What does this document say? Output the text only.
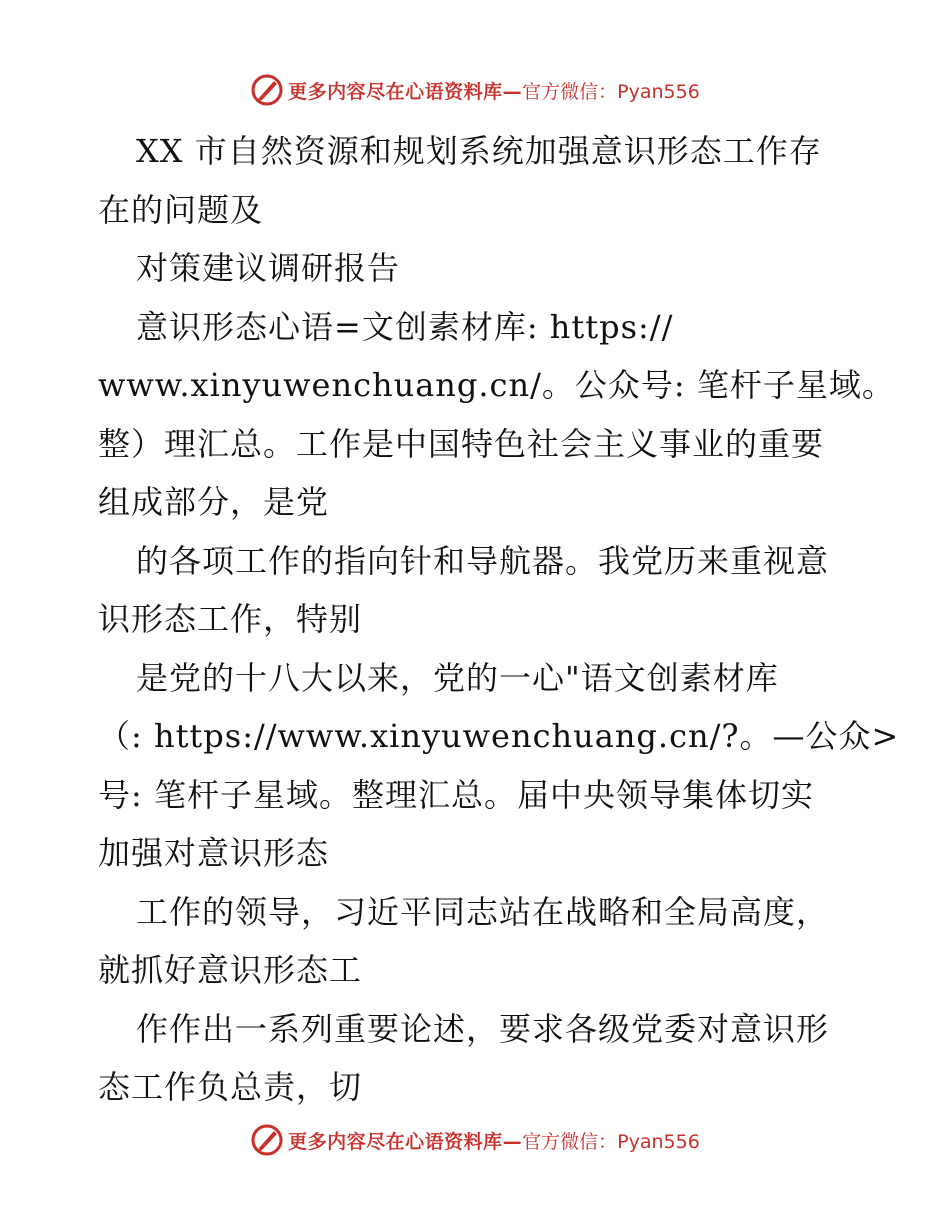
更多内容尽在心语资料库— 官方微信：Pyan556
XX 市自然资源和规划系统加强意识形态工作存
在的问题及
对策建议调研报告
意识形态心语=文创素材库: https://
www.xinyuwenchuang.cn/。公众号: 笔杆子星域。
整）理汇总。工作是中国特色社会主义事业的重要
组成部分，是党
的各项工作的指向针和导航器。我党历来重视意
识形态工作，特别
是党的十八大以来，党的一心"语文创素材库
（: https://www.xinyuwenchuang.cn/?。—公众>
号: 笔杆子星域。整理汇总。届中央领导集体切实
加强对意识形态
工作的领导，习近平同志站在战略和全局高度，
就抓好意识形态工
作作出一系列重要论述，要求各级党委对意识形
态工作负总责，切
更多内容尽在心语资料库— 官方微信：Pyan556
